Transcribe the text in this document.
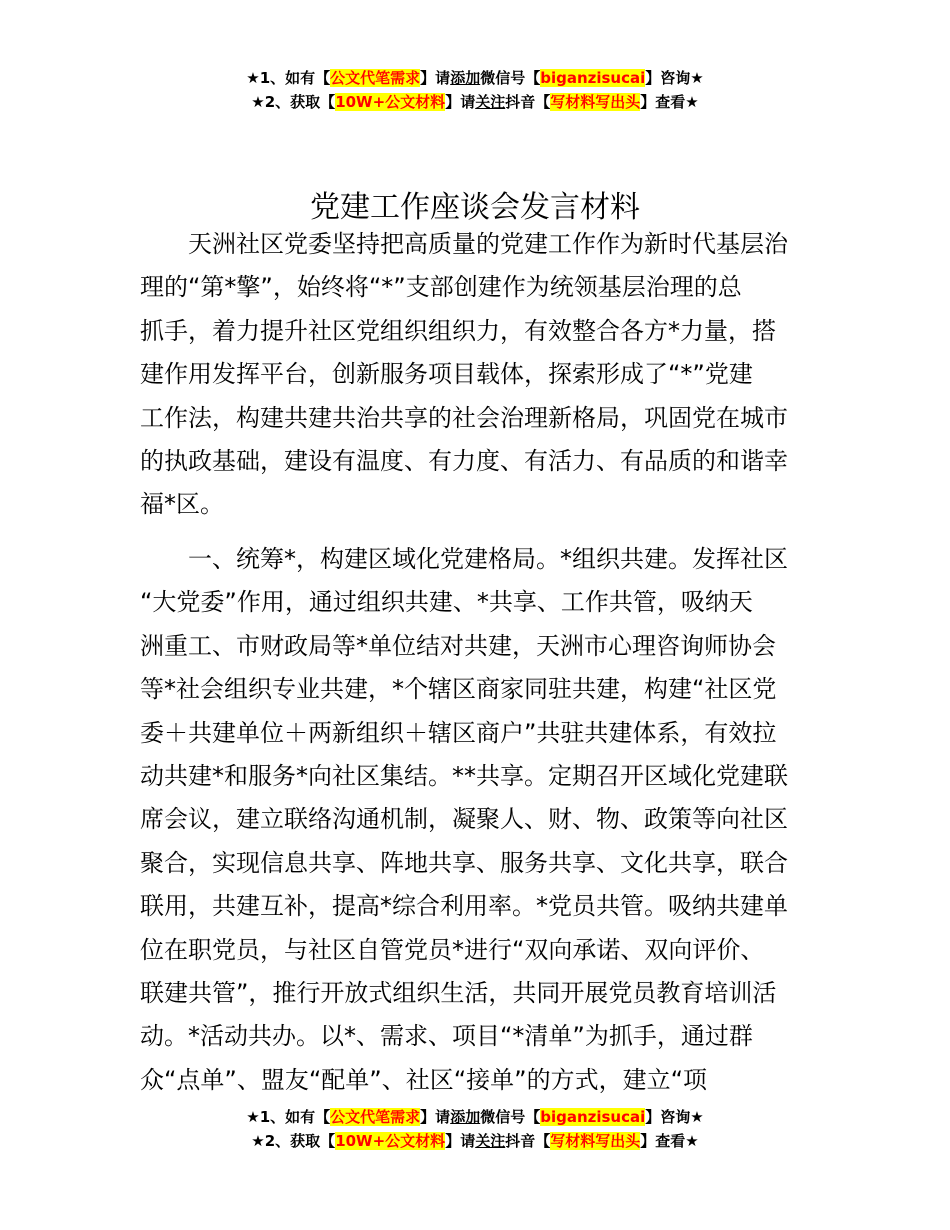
★1、如有【公文代笔需求】请添加微信号【biganzisucai】咨询★
★2、获取【10W+公文材料】请关注抖音【写材料写出头】查看★
党建工作座谈会发言材料

天洲社区党委坚持把高质量的党建工作作为新时代基层治
理的“第*擎”，始终将“*”支部创建作为统领基层治理的总
抓手，着力提升社区党组织组织力，有效整合各方*力量，搭
建作用发挥平台，创新服务项目载体，探索形成了“*”党建
工作法，构建共建共治共享的社会治理新格局，巩固党在城市
的执政基础，建设有温度、有力度、有活力、有品质的和谐幸
福*区。

一、统筹*，构建区域化党建格局。*组织共建。发挥社区
“大党委”作用，通过组织共建、*共享、工作共管，吸纳天
洲重工、市财政局等*单位结对共建，天洲市心理咨询师协会
等*社会组织专业共建，*个辖区商家同驻共建，构建“社区党
委＋共建单位＋两新组织＋辖区商户”共驻共建体系，有效拉
动共建*和服务*向社区集结。**共享。定期召开区域化党建联
席会议，建立联络沟通机制，凝聚人、财、物、政策等向社区
聚合，实现信息共享、阵地共享、服务共享、文化共享，联合
联用，共建互补，提高*综合利用率。*党员共管。吸纳共建单
位在职党员，与社区自管党员*进行“双向承诺、双向评价、
联建共管”，推行开放式组织生活，共同开展党员教育培训活
动。*活动共办。以*、需求、项目“*清单”为抓手，通过群
众“点单”、盟友“配单”、社区“接单”的方式，建立“项

★1、如有【公文代笔需求】请添加微信号【biganzisucai】咨询★
★2、获取【10W+公文材料】请关注抖音【写材料写出头】查看★
